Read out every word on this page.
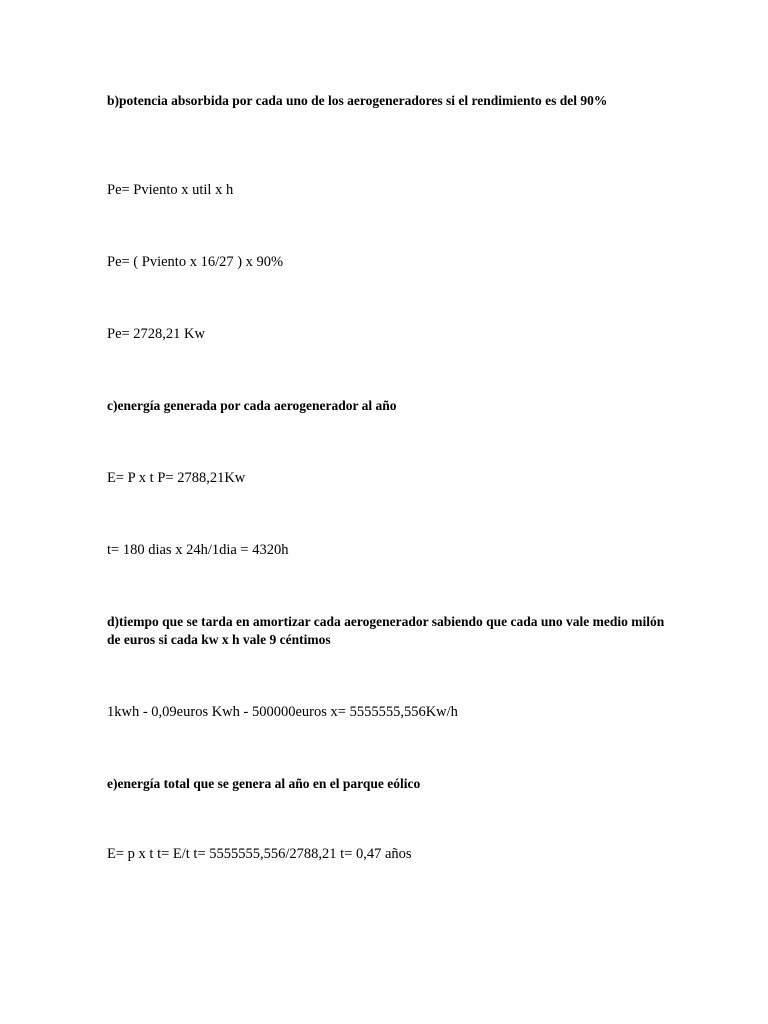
b)potencia absorbida por cada uno de los aerogeneradores si el rendimiento es del 90%
Pe= Pviento x util x h
Pe= ( Pviento x 16/27 ) x 90%
Pe= 2728,21 Kw
c)energía generada por cada aerogenerador al año
E= P x t P= 2788,21Kw
t= 180 dias x 24h/1dia = 4320h
d)tiempo que se tarda en amortizar cada aerogenerador sabiendo que cada uno vale medio milón de euros si cada kw x h vale 9 céntimos
1kwh - 0,09euros Kwh - 500000euros x= 5555555,556Kw/h
e)energía total que se genera al año en el parque eólico
E= p x t t= E/t t= 5555555,556/2788,21 t= 0,47 años
